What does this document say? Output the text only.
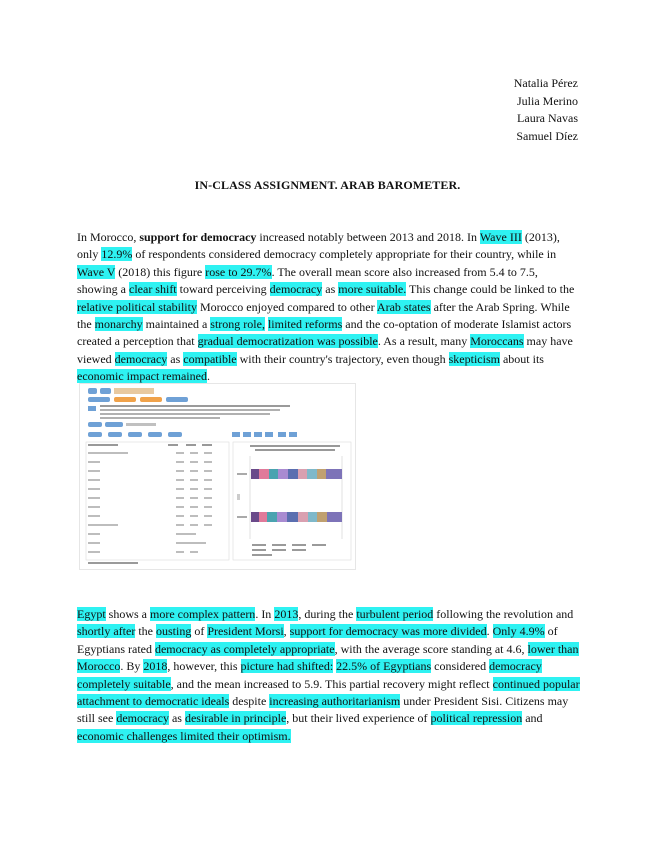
Natalia Pérez
Julia Merino
Laura Navas
Samuel Díez
IN-CLASS ASSIGNMENT. ARAB BAROMETER.
In Morocco, support for democracy increased notably between 2013 and 2018. In Wave III (2013), only 12.9% of respondents considered democracy completely appropriate for their country, while in Wave V (2018) this figure rose to 29.7%. The overall mean score also increased from 5.4 to 7.5, showing a clear shift toward perceiving democracy as more suitable. This change could be linked to the relative political stability Morocco enjoyed compared to other Arab states after the Arab Spring. While the monarchy maintained a strong role, limited reforms and the co-optation of moderate Islamist actors created a perception that gradual democratization was possible. As a result, many Moroccans may have viewed democracy as compatible with their country's trajectory, even though skepticism about its economic impact remained.
Egypt shows a more complex pattern. In 2013, during the turbulent period following the revolution and shortly after the ousting of President Morsi, support for democracy was more divided. Only 4.9% of Egyptians rated democracy as completely appropriate, with the average score standing at 4.6, lower than Morocco. By 2018, however, this picture had shifted: 22.5% of Egyptians considered democracy completely suitable, and the mean increased to 5.9. This partial recovery might reflect continued popular attachment to democratic ideals despite increasing authoritarianism under President Sisi. Citizens may still see democracy as desirable in principle, but their lived experience of political repression and economic challenges limited their optimism.
